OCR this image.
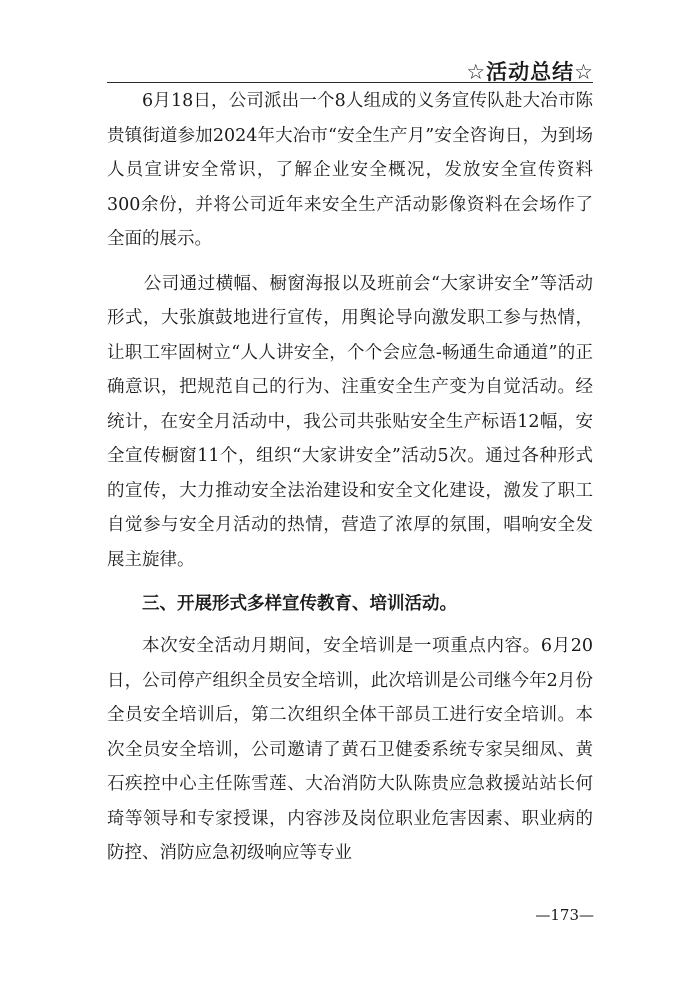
☆活动总结☆

6月18日，公司派出一个8人组成的义务宣传队赴大冶市陈贵镇街道参加2024年大冶市“安全生产月”安全咨询日，为到场人员宣讲安全常识，了解企业安全概况，发放安全宣传资料300余份，并将公司近年来安全生产活动影像资料在会场作了全面的展示。

公司通过横幅、橱窗海报以及班前会“大家讲安全”等活动形式，大张旗鼓地进行宣传，用舆论导向激发职工参与热情，让职工牢固树立“人人讲安全，个个会应急-畅通生命通道”的正确意识，把规范自己的行为、注重安全生产变为自觉活动。经统计，在安全月活动中，我公司共张贴安全生产标语12幅，安全宣传橱窗11个，组织“大家讲安全”活动5次。通过各种形式的宣传，大力推动安全法治建设和安全文化建设，激发了职工自觉参与安全月活动的热情，营造了浓厚的氛围，唱响安全发展主旋律。

三、开展形式多样宣传教育、培训活动。

本次安全活动月期间，安全培训是一项重点内容。6月20日，公司停产组织全员安全培训，此次培训是公司继今年2月份全员安全培训后，第二次组织全体干部员工进行安全培训。本次全员安全培训，公司邀请了黄石卫健委系统专家吴细凤、黄石疾控中心主任陈雪莲、大冶消防大队陈贵应急救援站站长何琦等领导和专家授课，内容涉及岗位职业危害因素、职业病的防控、消防应急初级响应等专业

—173—
